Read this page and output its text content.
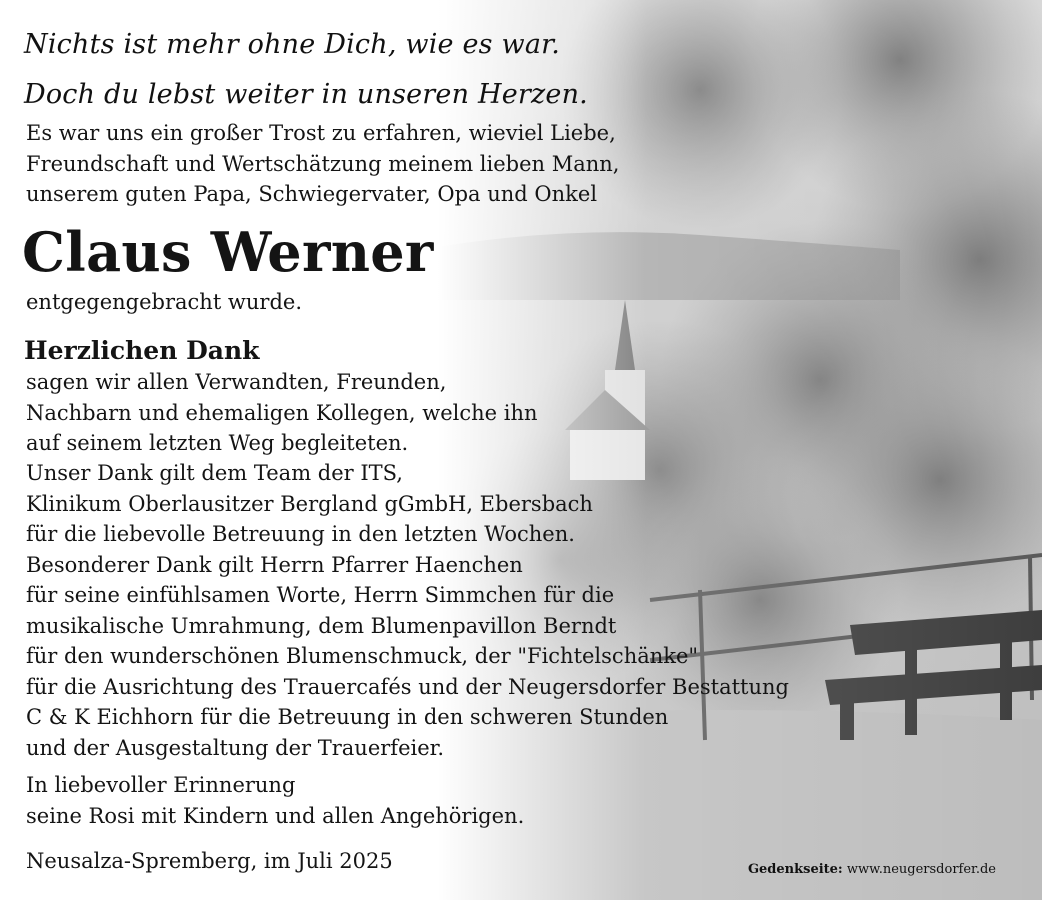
Nichts ist mehr ohne Dich, wie es war.
Doch du lebst weiter in unseren Herzen.
Es war uns ein großer Trost zu erfahren, wieviel Liebe,
Freundschaft und Wertschätzung meinem lieben Mann,
unserem guten Papa, Schwiegervater, Opa und Onkel
Claus Werner
entgegengebracht wurde.
Herzlichen Dank
sagen wir allen Verwandten, Freunden,
Nachbarn und ehemaligen Kollegen, welche ihn
auf seinem letzten Weg begleiteten.
Unser Dank gilt dem Team der ITS,
Klinikum Oberlausitzer Bergland gGmbH, Ebersbach
für die liebevolle Betreuung in den letzten Wochen.
Besonderer Dank gilt Herrn Pfarrer Haenchen
für seine einfühlsamen Worte, Herrn Simmchen für die
musikalische Umrahmung, dem Blumenpavillon Berndt
für den wunderschönen Blumenschmuck, der "Fichtelschänke"
für die Ausrichtung des Trauercafés und der Neugersdorfer Bestattung
C & K Eichhorn für die Betreuung in den schweren Stunden
und der Ausgestaltung der Trauerfeier.
In liebevoller Erinnerung
seine Rosi mit Kindern und allen Angehörigen.
Neusalza-Spremberg, im Juli 2025	Gedenkseite: www.neugersdorfer.de
